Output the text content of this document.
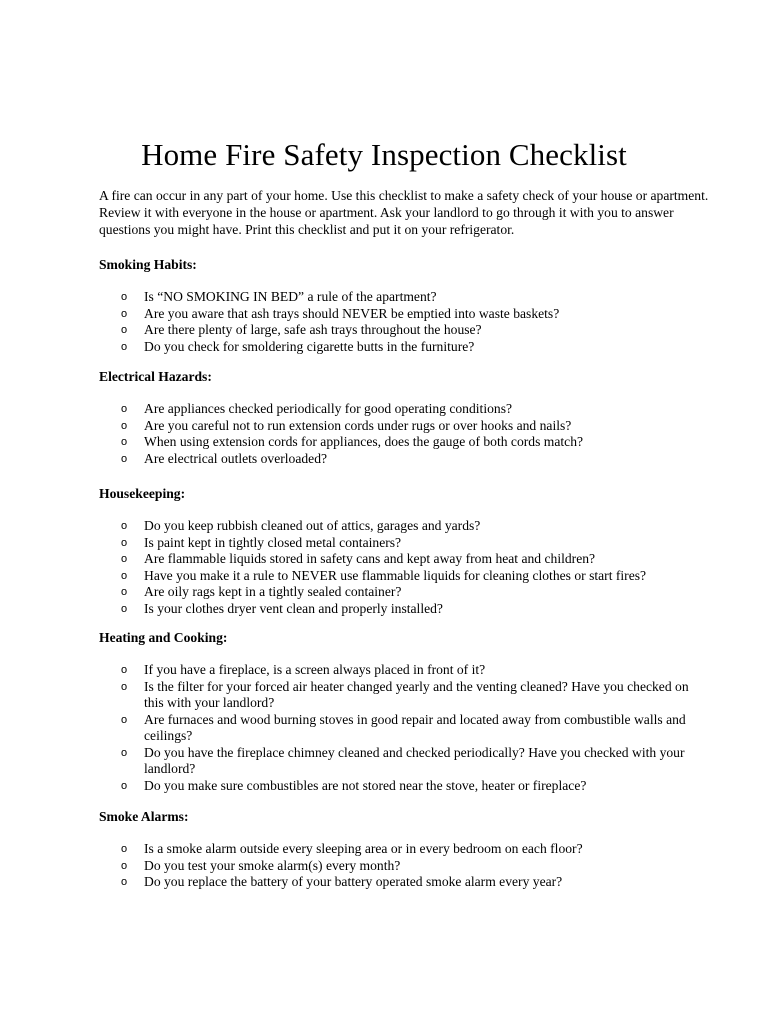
Home Fire Safety Inspection Checklist

A fire can occur in any part of your home. Use this checklist to make a safety check of your house or apartment. Review it with everyone in the house or apartment. Ask your landlord to go through it with you to answer questions you might have. Print this checklist and put it on your refrigerator.

Smoking Habits:

o Is “NO SMOKING IN BED” a rule of the apartment?
o Are you aware that ash trays should NEVER be emptied into waste baskets?
o Are there plenty of large, safe ash trays throughout the house?
o Do you check for smoldering cigarette butts in the furniture?

Electrical Hazards:

o Are appliances checked periodically for good operating conditions?
o Are you careful not to run extension cords under rugs or over hooks and nails?
o When using extension cords for appliances, does the gauge of both cords match?
o Are electrical outlets overloaded?

Housekeeping:

o Do you keep rubbish cleaned out of attics, garages and yards?
o Is paint kept in tightly closed metal containers?
o Are flammable liquids stored in safety cans and kept away from heat and children?
o Have you make it a rule to NEVER use flammable liquids for cleaning clothes or start fires?
o Are oily rags kept in a tightly sealed container?
o Is your clothes dryer vent clean and properly installed?

Heating and Cooking:

o If you have a fireplace, is a screen always placed in front of it?
o Is the filter for your forced air heater changed yearly and the venting cleaned? Have you checked on this with your landlord?
o Are furnaces and wood burning stoves in good repair and located away from combustible walls and ceilings?
o Do you have the fireplace chimney cleaned and checked periodically? Have you checked with your landlord?
o Do you make sure combustibles are not stored near the stove, heater or fireplace?

Smoke Alarms:

o Is a smoke alarm outside every sleeping area or in every bedroom on each floor?
o Do you test your smoke alarm(s) every month?
o Do you replace the battery of your battery operated smoke alarm every year?
